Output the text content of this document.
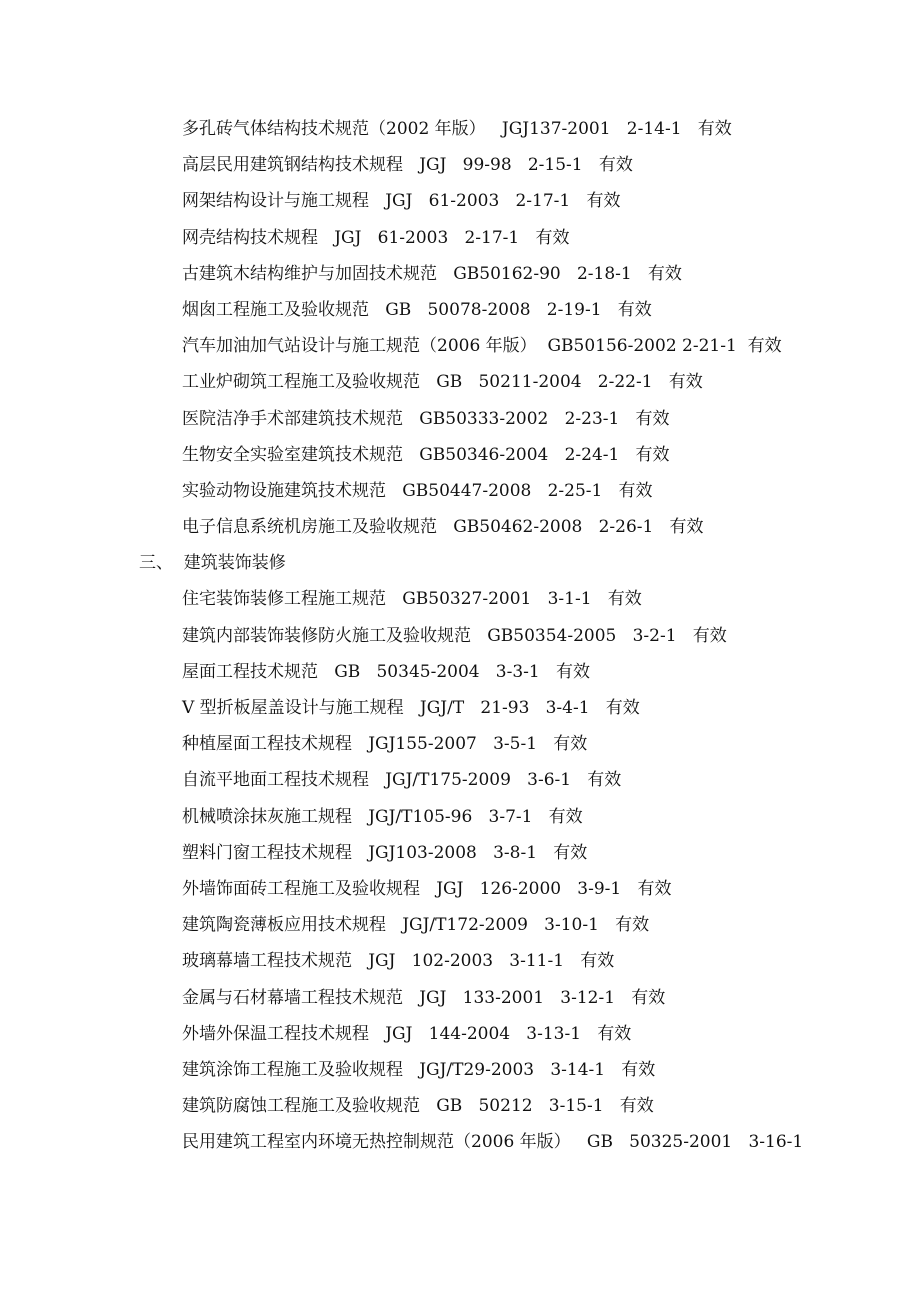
多孔砖气体结构技术规范（2002 年版）   JGJ137-2001   2-14-1   有效
高层民用建筑钢结构技术规程   JGJ   99-98   2-15-1   有效
网架结构设计与施工规程   JGJ   61-2003   2-17-1   有效
网壳结构技术规程   JGJ   61-2003   2-17-1   有效
古建筑木结构维护与加固技术规范   GB50162-90   2-18-1   有效
烟囱工程施工及验收规范   GB   50078-2008   2-19-1   有效
汽车加油加气站设计与施工规范（2006 年版）  GB50156-2002 2-21-1  有效
工业炉砌筑工程施工及验收规范   GB   50211-2004   2-22-1   有效
医院洁净手术部建筑技术规范   GB50333-2002   2-23-1   有效
生物安全实验室建筑技术规范   GB50346-2004   2-24-1   有效
实验动物设施建筑技术规范   GB50447-2008   2-25-1   有效
电子信息系统机房施工及验收规范   GB50462-2008   2-26-1   有效
三、  建筑装饰装修
住宅装饰装修工程施工规范   GB50327-2001   3-1-1   有效
建筑内部装饰装修防火施工及验收规范   GB50354-2005   3-2-1   有效
屋面工程技术规范   GB   50345-2004   3-3-1   有效
V 型折板屋盖设计与施工规程   JGJ/T   21-93   3-4-1   有效
种植屋面工程技术规程   JGJ155-2007   3-5-1   有效
自流平地面工程技术规程   JGJ/T175-2009   3-6-1   有效
机械喷涂抹灰施工规程   JGJ/T105-96   3-7-1   有效
塑料门窗工程技术规程   JGJ103-2008   3-8-1   有效
外墙饰面砖工程施工及验收规程   JGJ   126-2000   3-9-1   有效
建筑陶瓷薄板应用技术规程   JGJ/T172-2009   3-10-1   有效
玻璃幕墙工程技术规范   JGJ   102-2003   3-11-1   有效
金属与石材幕墙工程技术规范   JGJ   133-2001   3-12-1   有效
外墙外保温工程技术规程   JGJ   144-2004   3-13-1   有效
建筑涂饰工程施工及验收规程   JGJ/T29-2003   3-14-1   有效
建筑防腐蚀工程施工及验收规范   GB   50212   3-15-1   有效
民用建筑工程室内环境无热控制规范（2006 年版）   GB   50325-2001   3-16-1
